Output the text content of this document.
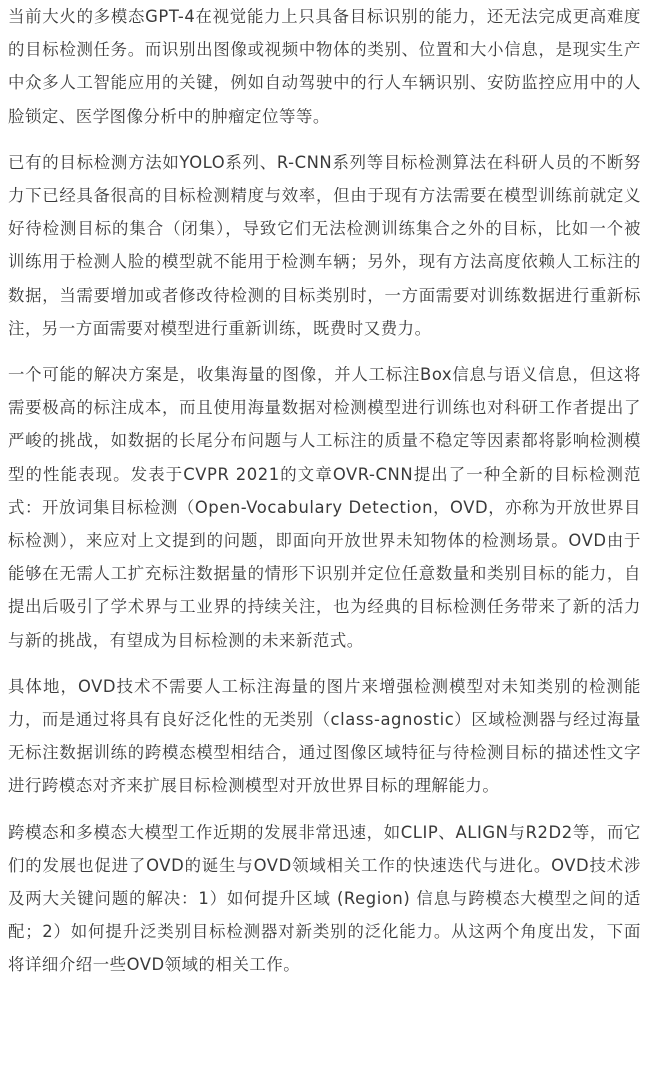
当前大火的多模态GPT-4在视觉能力上只具备目标识别的能力，还无法完成更高难度的目标检测任务。而识别出图像或视频中物体的类别、位置和大小信息，是现实生产中众多人工智能应用的关键，例如自动驾驶中的行人车辆识别、安防监控应用中的人脸锁定、医学图像分析中的肿瘤定位等等。

已有的目标检测方法如YOLO系列、R-CNN系列等目标检测算法在科研人员的不断努力下已经具备很高的目标检测精度与效率，但由于现有方法需要在模型训练前就定义好待检测目标的集合（闭集），导致它们无法检测训练集合之外的目标，比如一个被训练用于检测人脸的模型就不能用于检测车辆；另外，现有方法高度依赖人工标注的数据，当需要增加或者修改待检测的目标类别时，一方面需要对训练数据进行重新标注，另一方面需要对模型进行重新训练，既费时又费力。

一个可能的解决方案是，收集海量的图像，并人工标注Box信息与语义信息，但这将需要极高的标注成本，而且使用海量数据对检测模型进行训练也对科研工作者提出了严峻的挑战，如数据的长尾分布问题与人工标注的质量不稳定等因素都将影响检测模型的性能表现。发表于CVPR 2021的文章OVR-CNN提出了一种全新的目标检测范式：开放词集目标检测（Open-Vocabulary Detection，OVD，亦称为开放世界目标检测），来应对上文提到的问题，即面向开放世界未知物体的检测场景。OVD由于能够在无需人工扩充标注数据量的情形下识别并定位任意数量和类别目标的能力，自提出后吸引了学术界与工业界的持续关注，也为经典的目标检测任务带来了新的活力与新的挑战，有望成为目标检测的未来新范式。

具体地，OVD技术不需要人工标注海量的图片来增强检测模型对未知类别的检测能力，而是通过将具有良好泛化性的无类别（class-agnostic）区域检测器与经过海量无标注数据训练的跨模态模型相结合，通过图像区域特征与待检测目标的描述性文字进行跨模态对齐来扩展目标检测模型对开放世界目标的理解能力。

跨模态和多模态大模型工作近期的发展非常迅速，如CLIP、ALIGN与R2D2等，而它们的发展也促进了OVD的诞生与OVD领域相关工作的快速迭代与进化。OVD技术涉及两大关键问题的解决：1）如何提升区域 (Region) 信息与跨模态大模型之间的适配；2）如何提升泛类别目标检测器对新类别的泛化能力。从这两个角度出发，下面将详细介绍一些OVD领域的相关工作。
